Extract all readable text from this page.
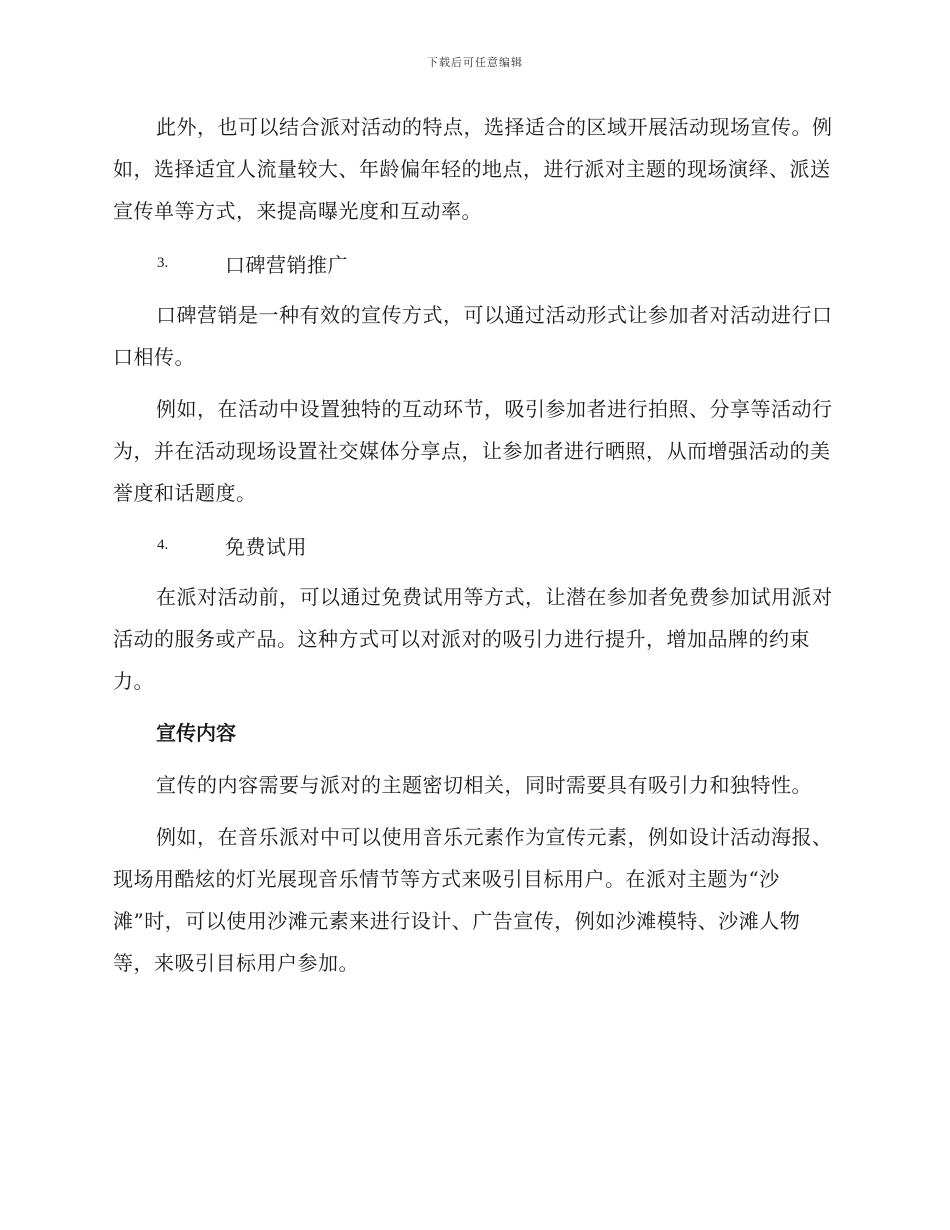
下载后可任意编辑

此外，也可以结合派对活动的特点，选择适合的区域开展活动现场宣传。例如，选择适宜人流量较大、年龄偏年轻的地点，进行派对主题的现场演绎、派送宣传单等方式，来提高曝光度和互动率。

3.	口碑营销推广

口碑营销是一种有效的宣传方式，可以通过活动形式让参加者对活动进行口口相传。

例如，在活动中设置独特的互动环节，吸引参加者进行拍照、分享等活动行为，并在活动现场设置社交媒体分享点，让参加者进行晒照，从而增强活动的美誉度和话题度。

4.	免费试用

在派对活动前，可以通过免费试用等方式，让潜在参加者免费参加试用派对活动的服务或产品。这种方式可以对派对的吸引力进行提升，增加品牌的约束力。

宣传内容

宣传的内容需要与派对的主题密切相关，同时需要具有吸引力和独特性。

例如，在音乐派对中可以使用音乐元素作为宣传元素，例如设计活动海报、现场用酷炫的灯光展现音乐情节等方式来吸引目标用户。在派对主题为“沙滩”时，可以使用沙滩元素来进行设计、广告宣传，例如沙滩模特、沙滩人物等，来吸引目标用户参加。
